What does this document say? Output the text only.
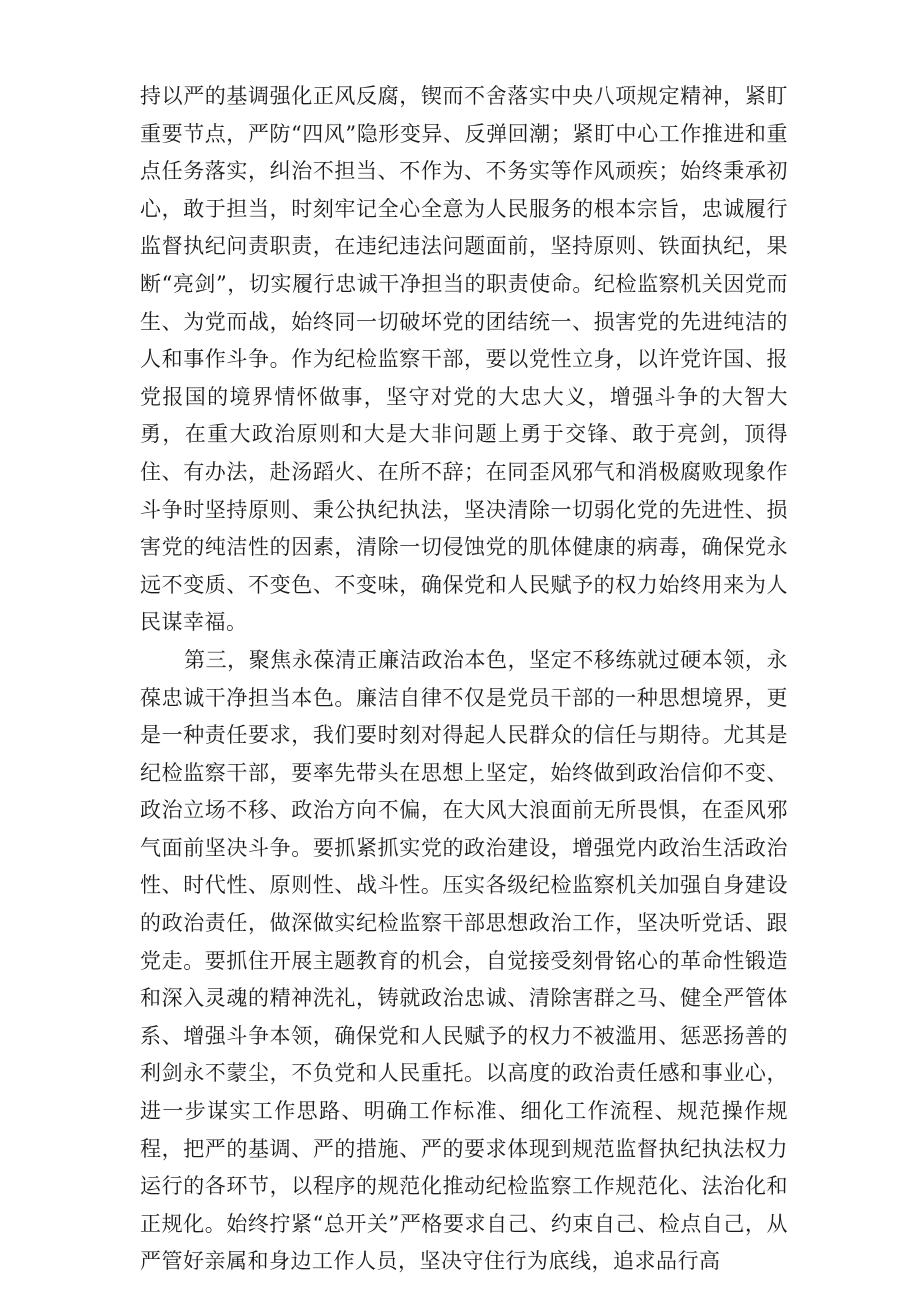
持以严的基调强化正风反腐，锲而不舍落实中央八项规定精神，紧盯重要节点，严防“四风”隐形变异、反弹回潮；紧盯中心工作推进和重点任务落实，纠治不担当、不作为、不务实等作风顽疾；始终秉承初心，敢于担当，时刻牢记全心全意为人民服务的根本宗旨，忠诚履行监督执纪问责职责，在违纪违法问题面前，坚持原则、铁面执纪，果断“亮剑”，切实履行忠诚干净担当的职责使命。纪检监察机关因党而生、为党而战，始终同一切破坏党的团结统一、损害党的先进纯洁的人和事作斗争。作为纪检监察干部，要以党性立身，以许党许国、报党报国的境界情怀做事，坚守对党的大忠大义，增强斗争的大智大勇，在重大政治原则和大是大非问题上勇于交锋、敢于亮剑，顶得住、有办法，赴汤蹈火、在所不辞；在同歪风邪气和消极腐败现象作斗争时坚持原则、秉公执纪执法，坚决清除一切弱化党的先进性、损害党的纯洁性的因素，清除一切侵蚀党的肌体健康的病毒，确保党永远不变质、不变色、不变味，确保党和人民赋予的权力始终用来为人民谋幸福。

第三，聚焦永葆清正廉洁政治本色，坚定不移练就过硬本领，永葆忠诚干净担当本色。廉洁自律不仅是党员干部的一种思想境界，更是一种责任要求，我们要时刻对得起人民群众的信任与期待。尤其是纪检监察干部，要率先带头在思想上坚定，始终做到政治信仰不变、政治立场不移、政治方向不偏，在大风大浪面前无所畏惧，在歪风邪气面前坚决斗争。要抓紧抓实党的政治建设，增强党内政治生活政治性、时代性、原则性、战斗性。压实各级纪检监察机关加强自身建设的政治责任，做深做实纪检监察干部思想政治工作，坚决听党话、跟党走。要抓住开展主题教育的机会，自觉接受刻骨铭心的革命性锻造和深入灵魂的精神洗礼，铸就政治忠诚、清除害群之马、健全严管体系、增强斗争本领，确保党和人民赋予的权力不被滥用、惩恶扬善的利剑永不蒙尘，不负党和人民重托。以高度的政治责任感和事业心，进一步谋实工作思路、明确工作标准、细化工作流程、规范操作规程，把严的基调、严的措施、严的要求体现到规范监督执纪执法权力运行的各环节，以程序的规范化推动纪检监察工作规范化、法治化和正规化。始终拧紧“总开关”严格要求自己、约束自己、检点自己，从严管好亲属和身边工作人员，坚决守住行为底线，追求品行高
